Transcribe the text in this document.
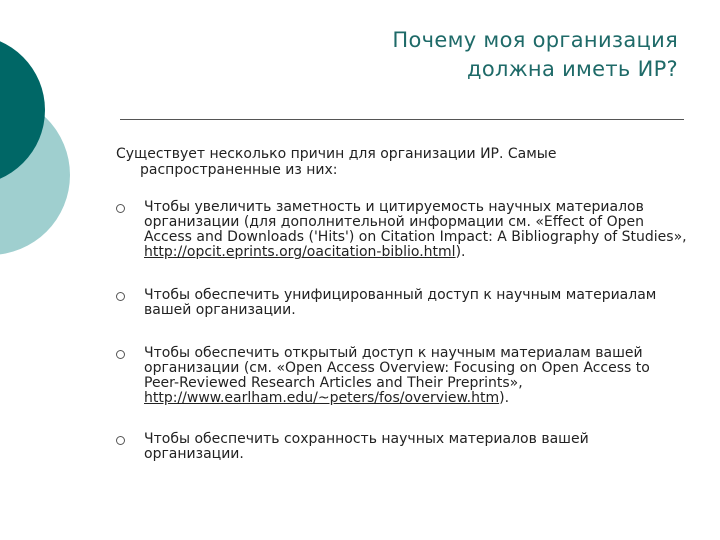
Почему моя организация
должна иметь ИР?

Существует несколько причин для организации ИР. Самые распространенные из них:

Чтобы увеличить заметность и цитируемость научных материалов организации (для дополнительной информации см. «Effect of Open Access and Downloads ('Hits') on Citation Impact: A Bibliography of Studies», http://opcit.eprints.org/oacitation-biblio.html).
Чтобы обеспечить унифицированный доступ к научным материалам вашей организации.
Чтобы обеспечить открытый доступ к научным материалам вашей организации (см. «Open Access Overview: Focusing on Open Access to Peer-Reviewed Research Articles and Their Preprints», http://www.earlham.edu/~peters/fos/overview.htm).
Чтобы обеспечить сохранность научных материалов вашей организации.
